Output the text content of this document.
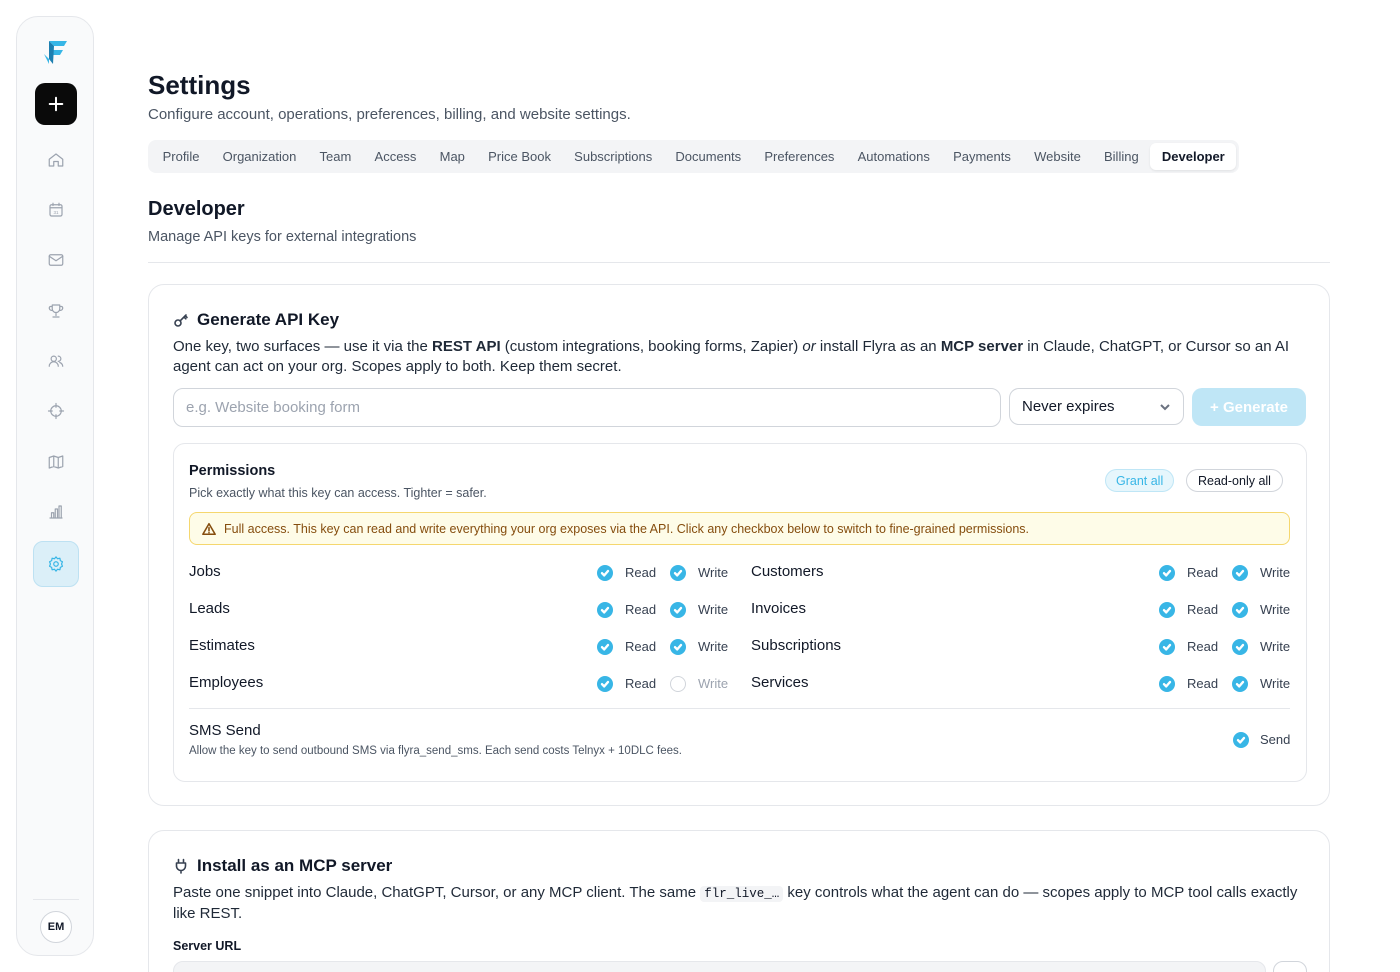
31
EM
Settings

Configure account, operations, preferences, billing, and website settings.

Profile	Organization	Team	Access	Map	Price Book	Subscriptions	Documents	Preferences	Automations	Payments	Website	Billing	Developer
Developer

Manage API keys for external integrations

Generate API Key

One key, two surfaces — use it via the REST API (custom integrations, booking forms, Zapier) or install Flyra as an MCP server in Claude, ChatGPT, or Cursor so an AI agent can act on your org. Scopes apply to both. Keep them secret.

e.g. Website booking form
Never expires	+ Generate
Permissions
Pick exactly what this key can access. Tighter = safer.
Grant all	Read-only all
Full access. This key can read and write everything your org exposes via the API. Click any checkbox below to switch to fine-grained permissions.
Jobs	Read	Write
Leads	Read	Write
Estimates	Read	Write
Employees	Read	Write
Customers	Read	Write
Invoices	Read	Write
Subscriptions	Read	Write
Services	Read	Write
SMS Send
Allow the key to send outbound SMS via flyra_send_sms. Each send costs Telnyx + 10DLC fees.
Send
Install as an MCP server

Paste one snippet into Claude, ChatGPT, Cursor, or any MCP client. The same flr_live_… key controls what the agent can do — scopes apply to MCP tool calls exactly like REST.

Server URL
